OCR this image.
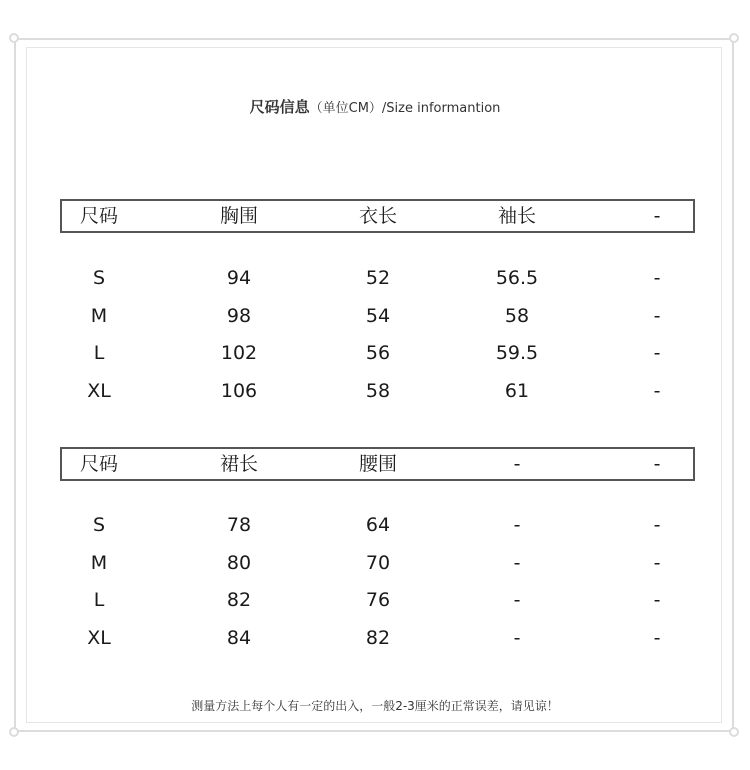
尺码信息（单位CM）/Size informantion
尺码	胸围	衣长	袖长	-
S	94	52	56.5	-
M	98	54	58	-
L	102	56	59.5	-
XL	106	58	61	-
尺码	裙长	腰围	-	-
S	78	64	-	-
M	80	70	-	-
L	82	76	-	-
XL	84	82	-	-
测量方法上每个人有一定的出入，一般2-3厘米的正常误差，请见谅！
